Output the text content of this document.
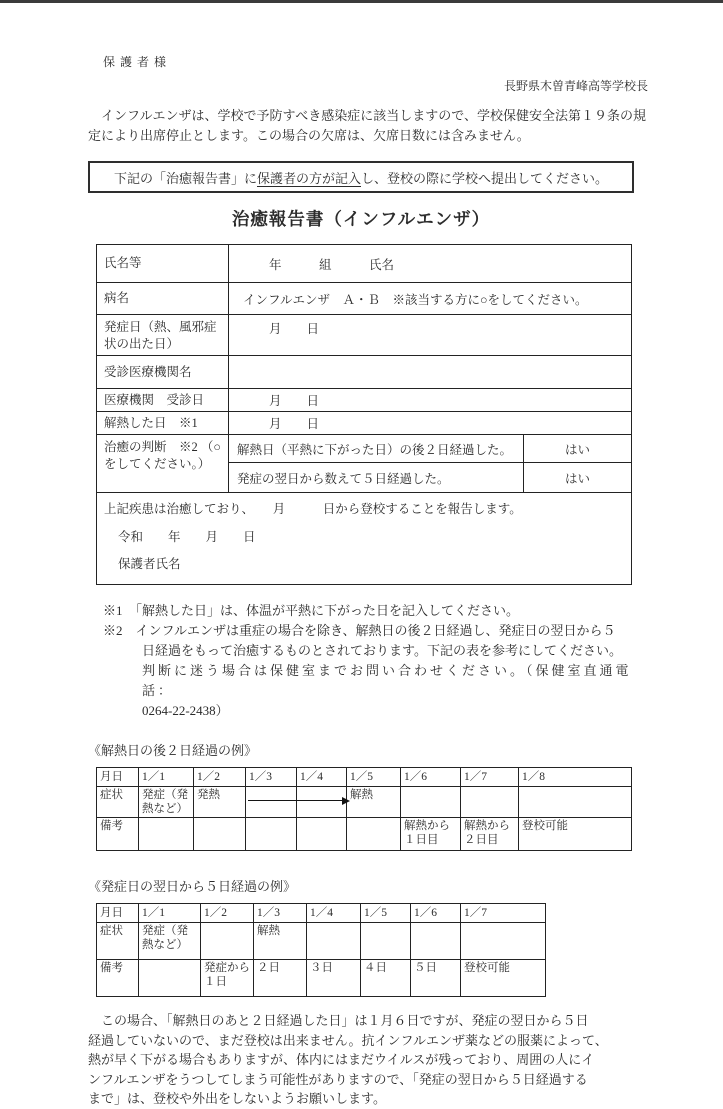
保 護 者 様
長野県木曽青峰高等学校長
　インフルエンザは、学校で予防すべき感染症に該当しますので、学校保健安全法第１９条の規
定により出席停止とします。この場合の欠席は、欠席日数には含みません。
下記の「治癒報告書」に保護者の方が記入し、登校の際に学校へ提出してください。
治癒報告書（インフルエンザ）
氏名等	年　　　組　　　氏名	
病名	インフルエンザ　Ａ・Ｂ　※該当する方に○をしてください。	
発症日（熱、風邪症状の出た日）	月　　日	
受診医療機関名		
医療機関　受診日	月　　日	
解熱した日　※1	月　　日	
治癒の判断　※2 （○をしてください。）	解熱日（平熱に下がった日）の後２日経過した。	はい
	発症の翌日から数えて５日経過した。	はい

上記疾患は治癒しており、　　月　　　日から登校することを報告します。
令和　　年　　月　　日
保護者氏名		
※1　「解熱した日」は、体温が平熱に下がった日を記入してください。
※2　インフルエンザは重症の場合を除き、解熱日の後２日経過し、発症日の翌日から５
日経過をもって治癒するものとされております。下記の表を参考にしてください。
判断に迷う場合は保健室までお問い合わせください。（保健室直通電話：
0264-22-2438）
《解熱日の後２日経過の例》
月日	1／1	1／2	1／3	1／4	1／5	1／6	1／7	1／8
症状	発症（発熱など）	発熱			解熱			
備考						解熱から１日目	解熱から２日目	登校可能
《発症日の翌日から５日経過の例》
月日	1／1	1／2	1／3	1／4	1／5	1／6	1／7
症状	発症（発熱など）		解熱				
備考		発症から１日	２日	３日	４日	５日	登校可能
　この場合、「解熱日のあと２日経過した日」は１月６日ですが、発症の翌日から５日
経過していないので、まだ登校は出来ません。抗インフルエンザ薬などの服薬によって、
熱が早く下がる場合もありますが、体内にはまだウイルスが残っており、周囲の人にイ
ンフルエンザをうつしてしまう可能性がありますので、「発症の翌日から５日経過する
まで」は、登校や外出をしないようお願いします。
